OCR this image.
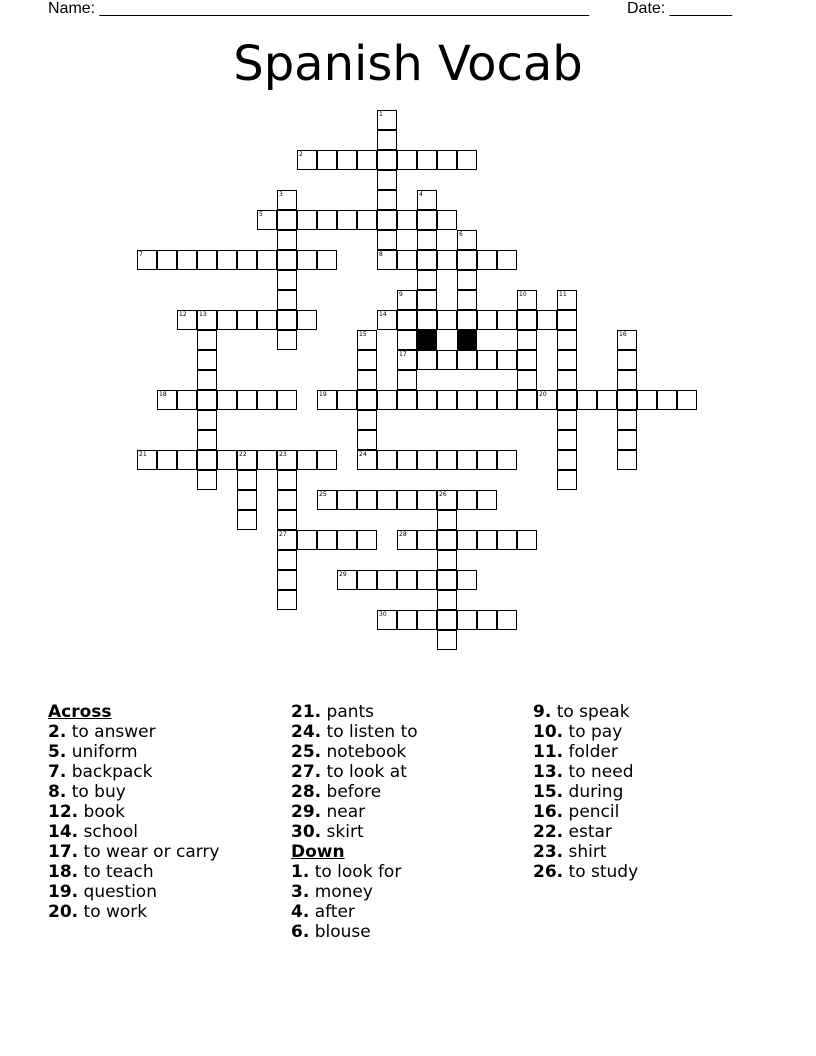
Name: _______________________________________________________ Date: _______
Spanish Vocab
1
2
3	4
5
6
7	8
9	10	11
12 13	14
15	16
17
18	19	20
21	22	23	24
25	26
27	28
29
30
Across
2. to answer
5. uniform
7. backpack
8. to buy
12. book
14. school
17. to wear or carry
18. to teach
19. question
20. to work
21. pants
24. to listen to
25. notebook
27. to look at
28. before
29. near
30. skirt
Down
1. to look for
3. money
4. after
6. blouse
9. to speak
10. to pay
11. folder
13. to need
15. during
16. pencil
22. estar
23. shirt
26. to study
